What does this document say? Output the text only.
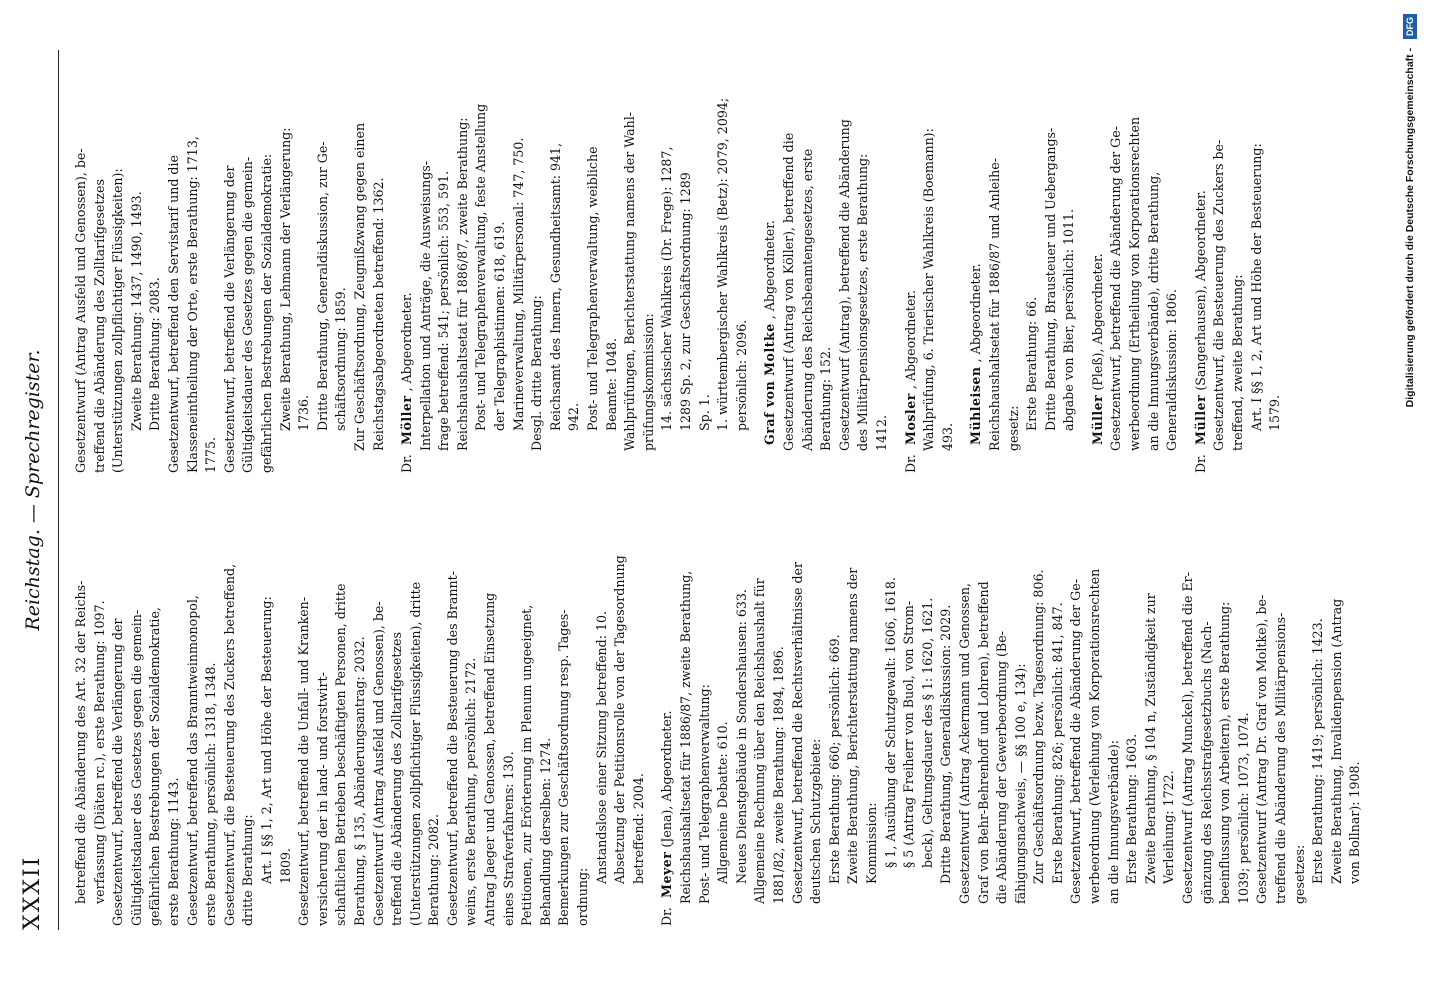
XXXII
Reichstag. — Sprechregister.
betreffend die Abänderung des Art. 32 der Reichs- verfassung (Diäten rc.), erste Berathung: 1097. Gesetzentwurf, betreffend die Verlängerung der Gültigkeitsdauer des Gesetzes gegen die gemein- gefährlichen Bestrebungen der Sozialdemokratie, erste Berathung: 1143. Gesetzentwurf, betreffend das Branntweinmonopol, erste Berathung, persönlich: 1318, 1348. Gesetzentwurf, die Besteuerung des Zuckers betreffend, dritte Berathung: Art. I §§ 1, 2, Art und Höhe der Besteuerung: 1809. Gesetzentwurf, betreffend die Unfall- und Kranken- versicherung der in land- und forstwirt- schaftlichen Betrieben beschäftigten Personen, dritte Berathung, § 135, Abänderungsantrag: 2032. Gesetzentwurf (Antrag Ausfeld und Genossen), be- treffend die Abänderung des Zolltarifgesetzes (Unterstützungen zollpflichtiger Flüssigkeiten), dritte Berathung: 2082. Gesetzentwurf, betreffend die Besteuerung des Brannt- weins, erste Berathung, persönlich: 2172. Antrag Jaeger und Genossen, betreffend Einsetzung eines Strafverfahrens: 130. Petitionen, zur Erörterung im Plenum ungeeignet, Behandlung derselben: 1274. Bemerkungen zur Geschäftsordnung resp. Tages- ordnung:
Anstandslose einer Sitzung betreffend: 10. Absetzung der Petitionsrolle von der Tagesordnung betreffend: 2004.
Dr.Meyer (Jena), Abgeordneter. Reichshaushaltsetat für 1886/87, zweite Berathung, Post- und Telegraphenverwaltung: Allgemeine Debatte: 610. Neues Dienstgebäude in Sondershausen: 633. Allgemeine Rechnung über den Reichshaushalt für 1881/82, zweite Berathung: 1894, 1896. Gesetzentwurf, betreffend die Rechtsverhältnisse der deutschen Schutzgebiete: Erste Berathung: 660; persönlich: 669. Zweite Berathung, Berichterstattung namens der Kommission: § 1, Ausübung der Schutzgewalt: 1606, 1618. § 5 (Antrag Freiherr von Buol, von Strom- beck), Geltungsdauer des § 1: 1620, 1621. Dritte Berathung, Generaldiskussion: 2029. Gesetzentwurf (Antrag Ackermann und Genossen, Graf von Behr-Behrenhoff und Lohren), betreffend die Abänderung der Gewerbeordnung (Be- fähigungsnachweis, — §§ 100 e, 134): Zur Geschäftsordnung bezw. Tagesordnung: 806. Erste Berathung: 826; persönlich: 841, 847. Gesetzentwurf, betreffend die Abänderung der Ge- werbeordnung (Verleihung von Korporationsrechten an die Innungsverbände): Erste Berathung: 1603. Zweite Berathung, § 104 n, Zuständigkeit zur Verleihung: 1722. Gesetzentwurf (Antrag Munckel), betreffend die Er- gänzung des Reichsstrafgesetzbuchs (Nach- beeinflussung von Arbeitern), erste Berathung: 1039; persönlich: 1073, 1074. Gesetzentwurf (Antrag Dr. Graf von Moltke), be- treffend die Abänderung des Militärpensions- gesetzes: Erste Berathung: 1419; persönlich: 1423. Zweite Berathung, Invalidenpension (Antrag von Bollnar): 1908.
Gesetzentwurf (Antrag Ausfeld und Genossen), be- treffend die Abänderung des Zolltarifgesetzes (Unterstützungen zollpflichtiger Flüssigkeiten): Zweite Berathung: 1437, 1490, 1493. Dritte Berathung: 2083. Gesetzentwurf, betreffend den Servistarif und die Klasseneintheilung der Orte, erste Berathung: 1713, 1775. Gesetzentwurf, betreffend die Verlängerung der Gültigkeitsdauer des Gesetzes gegen die gemein- gefährlichen Bestrebungen der Sozialdemokratie: Zweite Berathung, Lehmann der Verlängerung: 1736. Dritte Berathung, Generaldiskussion, zur Ge- schäftsordnung: 1859. Zur Geschäftsordnung, Zeugnißzwang gegen einen Reichstagsabgeordneten betreffend: 1362.
Dr.Möller , Abgeordneter. Interpellation und Anträge, die Ausweisungs- frage betreffend: 541; persönlich: 553, 591. Reichshaushaltsetat für 1886/87, zweite Berathung: Post- und Telegraphenverwaltung, feste Anstellung der Telegraphistinnen: 618, 619. Marineverwaltung, Militärpersonal: 747, 750. Desgl. dritte Berathung: Reichsamt des Innern, Gesundheitsamt: 941, 942. Post- und Telegraphenverwaltung, weibliche Beamte: 1048. Wahlprüfungen, Berichterstattung namens der Wahl- prüfungskommission: 14. sächsischer Wahlkreis (Dr. Frege): 1287, 1289 Sp. 2, zur Geschäftsordnung: 1289 Sp. 1. 1. württembergischer Wahlkreis (Betz): 2079, 2094; persönlich: 2096. Graf von Moltke , Abgeordneter. Gesetzentwurf (Antrag von Köller), betreffend die Abänderung des Reichsbeamtengesetzes, erste Berathung: 152. Gesetzentwurf (Antrag), betreffend die Abänderung des Militärpensionsgesetzes, erste Berathung: 1412.
Dr.Mosler , Abgeordneter. Wahlprüfung, 6. Trierischer Wahlkreis (Boemann): 493. Mühleisen , Abgeordneter. Reichshaushaltsetat für 1886/87 und Anleihe- gesetz: Erste Berathung: 66. Dritte Berathung, Brausteuer und Uebergangs- abgabe von Bier, persönlich: 1011. Müller (Pleß), Abgeordneter. Gesetzentwurf, betreffend die Abänderung der Ge- werbeordnung (Ertheilung von Korporationsrechten an die Innungsverbände), dritte Berathung, Generaldiskussion: 1806.
Dr.Müller (Sangerhausen), Abgeordneter. Gesetzentwurf, die Besteuerung des Zuckers be- treffend, zweite Berathung: Art. I §§ 1, 2, Art und Höhe der Besteuerung: 1579.
Digitalisierung gefördert durch die Deutsche Forschungsgemeinschaft - DFG
